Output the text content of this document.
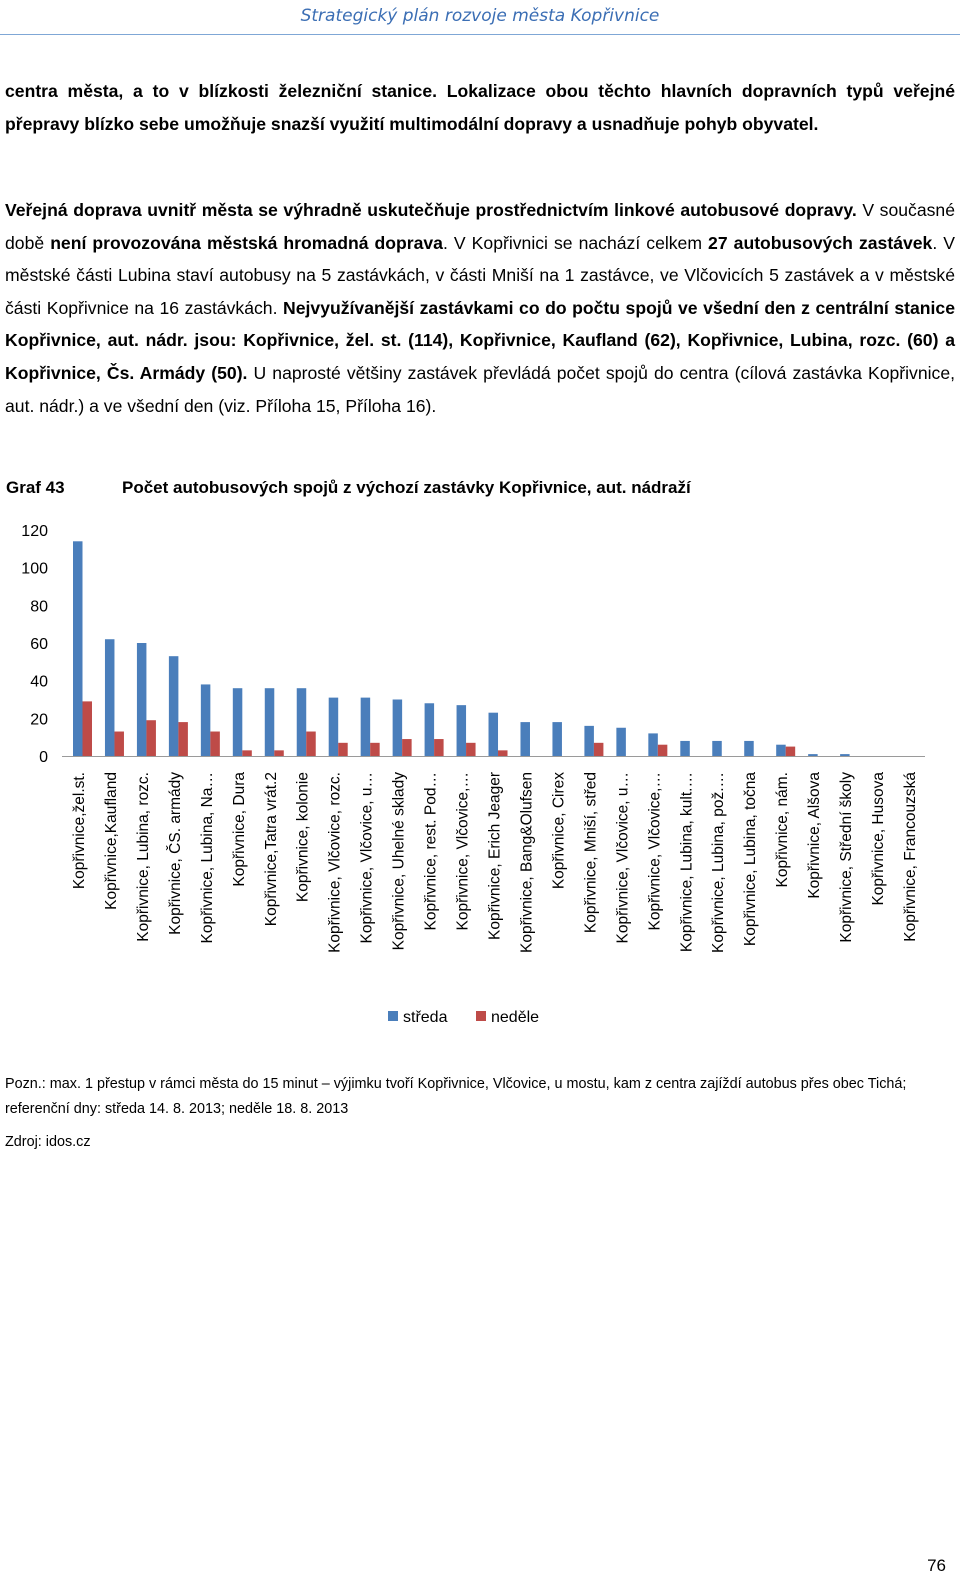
Strategický plán rozvoje města Kopřivnice

centra města, a to v blízkosti železniční stanice. Lokalizace obou těchto hlavních dopravních typů veřejné přepravy blízko sebe umožňuje snazší využití multimodální dopravy a usnadňuje pohyb obyvatel.

Veřejná doprava uvnitř města se výhradně uskutečňuje prostřednictvím linkové autobusové dopravy. V současné době není provozována městská hromadná doprava. V Kopřivnici se nachází celkem 27 autobusových zastávek. V městské části Lubina staví autobusy na 5 zastávkách, v části Mniší na 1 zastávce, ve Vlčovicích 5 zastávek a v městské části Kopřivnice na 16 zastávkách. Nejvyužívanější zastávkami co do počtu spojů ve všední den z centrální stanice Kopřivnice, aut. nádr. jsou: Kopřivnice, žel. st. (114), Kopřivnice, Kaufland (62), Kopřivnice, Lubina, rozc. (60) a Kopřivnice, Čs. Armády (50). U naprosté většiny zastávek převládá počet spojů do centra (cílová zastávka Kopřivnice, aut. nádr.) a ve všední den (viz. Příloha 15, Příloha 16).

Graf 43	Počet autobusových spojů z výchozí zastávky Kopřivnice, aut. nádraží
0
20
40
60
80
100
120
Kopřivnice,žel.st. Kopřivnice,Kaufland Kopřivnice, Lubina, rozc. Kopřivnice, ČS. armády Kopřivnice, Lubina, Na… Kopřivnice, Dura Kopřivnice,Tatra vrát.2 Kopřivnice, kolonie Kopřivnice, Vlčovice, rozc. Kopřivnice, Vlčovice, u… Kopřivnice, Uhelné sklady Kopřivnice, rest. Pod… Kopřivnice, Vlčovice,… Kopřivnice, Erich Jeager Kopřivnice, Bang&Olufsen Kopřivnice, Cirex Kopřivnice, Mniší, střed Kopřivnice, Vlčovice, u… Kopřivnice, Vlčovice,… Kopřivnice, Lubina, kult.… Kopřivnice, Lubina, pož.… Kopřivnice, Lubina, točna Kopřivnice, nám. Kopřivnice, Alšova Kopřivnice, Střední školy Kopřivnice, Husova Kopřivnice, Francouzská
středa	neděle
Pozn.: max. 1 přestup v rámci města do 15 minut – výjimku tvoří Kopřivnice, Vlčovice, u mostu, kam z centra zajíždí autobus přes obec Tichá; referenční dny: středa 14. 8. 2013; neděle 18. 8. 2013
Zdroj: idos.cz
76
